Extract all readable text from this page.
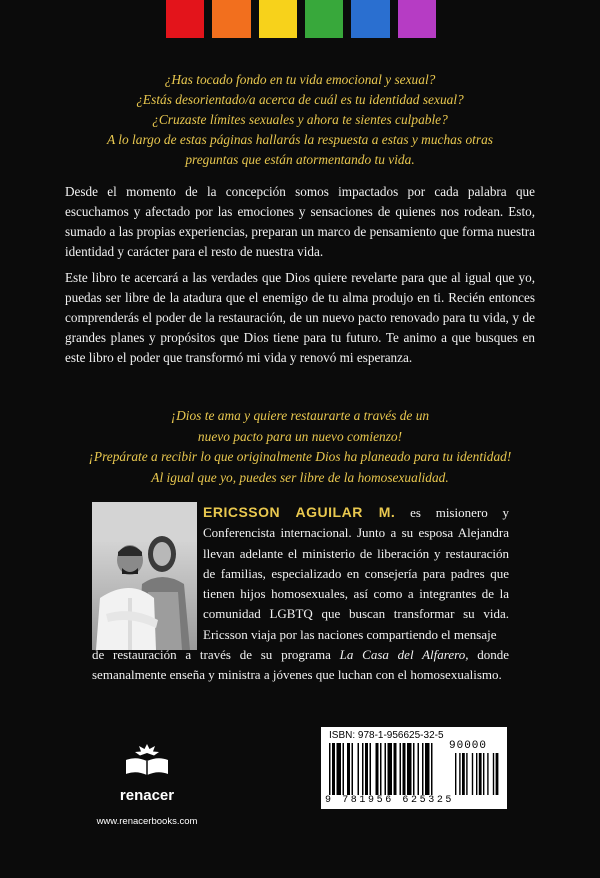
¿Has tocado fondo en tu vida emocional y sexual?

¿Estás desorientado/a acerca de cuál es tu identidad sexual?

¿Cruzaste límites sexuales y ahora te sientes culpable?

A lo largo de estas páginas hallarás la respuesta a estas y muchas otras

preguntas que están atormentando tu vida.

Desde el momento de la concepción somos impactados por cada palabra que escuchamos y afectado por las emociones y sensaciones de quienes nos rodean. Esto, sumado a las propias experiencias, preparan un marco de pensamiento que forma nuestra identidad y carácter para el resto de nuestra vida.

Este libro te acercará a las verdades que Dios quiere revelarte para que al igual que yo, puedas ser libre de la atadura que el enemigo de tu alma produjo en ti. Recién entonces comprenderás el poder de la restauración, de un nuevo pacto renovado para tu vida, y de grandes planes y propósitos que Dios tiene para tu futuro. Te animo a que busques en este libro el poder que transformó mi vida y renovó mi esperanza.

¡Dios te ama y quiere restaurarte a través de un

nuevo pacto para un nuevo comienzo!

¡Prepárate a recibir lo que originalmente Dios ha planeado para tu identidad!

Al igual que yo, puedes ser libre de la homosexualidad.

ERICSSON AGUILAR M. es misionero y Conferencista internacional. Junto a su esposa Alejandra llevan adelante el ministerio de liberación y restauración de familias, especializado en consejería para padres que tienen hijos homosexuales, así como a integrantes de la comunidad LGBTQ que buscan transformar su vida. Ericsson viaja por las naciones compartiendo el mensaje

de restauración a través de su programa La Casa del Alfarero, donde semanalmente enseña y ministra a jóvenes que luchan con el homosexualismo.

renacer
www.renacerbooks.com
ISBN: 978-1-956625-32-5
90000
9 781956 625325
